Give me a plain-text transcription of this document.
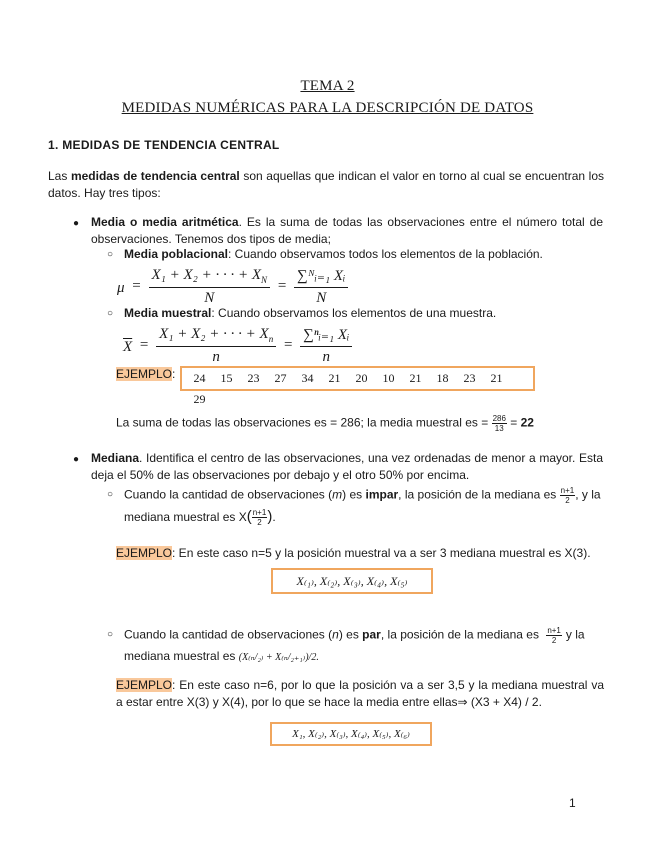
TEMA 2
MEDIDAS NUMÉRICAS PARA LA DESCRIPCIÓN DE DATOS
1. MEDIDAS DE TENDENCIA CENTRAL
Las medidas de tendencia central son aquellas que indican el valor en torno al cual se encuentran los datos. Hay tres tipos:
● Media o media aritmética. Es la suma de todas las observaciones entre el número total de observaciones. Tenemos dos tipos de media;
○ Media poblacional: Cuando observamos todos los elementos de la población.
$\mu = \frac{X_1 + X_2 + \cdot \cdot \cdot + X_N}{N} = \frac{\text{∑ᴺᵢ₌₁ Xᵢ}}{N}$
○ Media muestral: Cuando observamos los elementos de una muestra.
$\overline{X} = \frac{X_1 + X_2 + \cdot \cdot \cdot + X_n}{n} = \frac{\text{∑ⁿᵢ₌₁ Xᵢ}}{n}$
EJEMPLO:	24 15 23 27 34 21 20 10 21 18 23 2129
La suma de todas las observaciones es = 286; la media muestral es = $\frac{286}{13} = 22$
● Mediana. Identifica el centro de las observaciones, una vez ordenadas de menor a mayor. Esta deja el 50% de las observaciones por debajo y el otro 50% por encima.
○ Cuando la cantidad de observaciones (m) es impar, la posición de la mediana es $\frac{n+1}{2}$ , y la
mediana muestral es $X( \frac{n+1}{2}$ ).
EJEMPLO: En este caso n=5 y la posición muestral va a ser 3 mediana muestral es X(3).
X₍₁₎, X₍₂₎, X₍₃₎, X₍₄₎, X₍₅₎
○ Cuando la cantidad de observaciones (n) es par, la posición de la mediana es $\frac{n+1}{2}$ y la
mediana muestral es (X₍ₙ/₂₎ + X₍ₙ/₂₊₁₎)/2.
EJEMPLO: En este caso n=6, por lo que la posición va a ser 3,5 y la mediana muestral va a estar entre X(3) y X(4), por lo que se hace la media entre ellas⇒ (X3 + X4) / 2.
X₁, X₍₂₎, X₍₃₎, X₍₄₎, X₍₅₎, X₍₆₎
1
